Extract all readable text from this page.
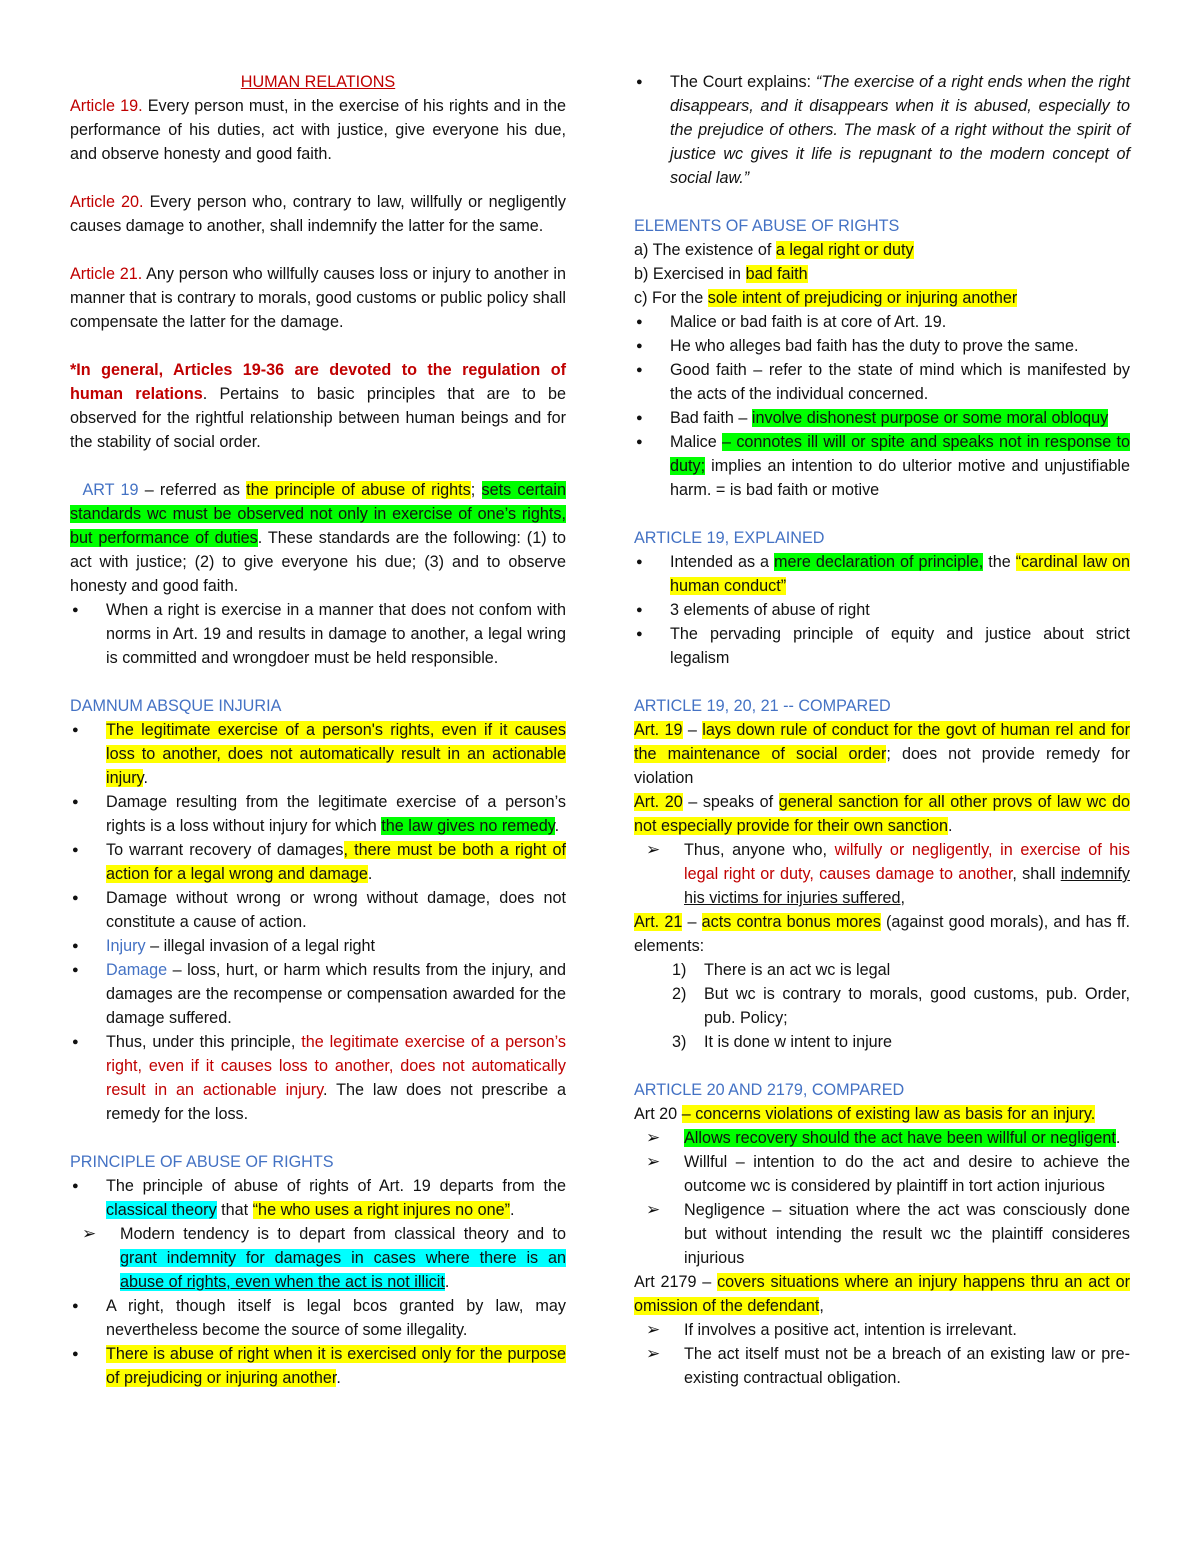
HUMAN RELATIONS

Article 19. Every person must, in the exercise of his rights and in the performance of his duties, act with justice, give everyone his due, and observe honesty and good faith.

Article 20. Every person who, contrary to law, willfully or negligently causes damage to another, shall indemnify the latter for the same.

Article 21. Any person who willfully causes loss or injury to another in manner that is contrary to morals, good customs or public policy shall compensate the latter for the damage.

*In general, Articles 19-36 are devoted to the regulation of human relations. Pertains to basic principles that are to be observed for the rightful relationship between human beings and for the stability of social order.

ART 19 – referred as the principle of abuse of rights; sets certain standards wc must be observed not only in exercise of one’s rights, but performance of duties. These standards are the following: (1) to act with justice; (2) to give everyone his due; (3) and to observe honesty and good faith.

● When a right is exercise in a manner that does not confom with norms in Art. 19 and results in damage to another, a legal wring is committed and wrongdoer must be held responsible.

DAMNUM ABSQUE INJURIA

● The legitimate exercise of a person's rights, even if it causes loss to another, does not automatically result in an actionable injury.
● Damage resulting from the legitimate exercise of a person’s rights is a loss without injury for which the law gives no remedy.
● To warrant recovery of damages, there must be both a right of action for a legal wrong and damage.
● Damage without wrong or wrong without damage, does not constitute a cause of action.
● Injury – illegal invasion of a legal right
● Damage – loss, hurt, or harm which results from the injury, and damages are the recompense or compensation awarded for the damage suffered.
● Thus, under this principle, the legitimate exercise of a person’s right, even if it causes loss to another, does not automatically result in an actionable injury. The law does not prescribe a remedy for the loss.

PRINCIPLE OF ABUSE OF RIGHTS

● The principle of abuse of rights of Art. 19 departs from the classical theory that “he who uses a right injures no one”.
➢ Modern tendency is to depart from classical theory and to grant indemnity for damages in cases where there is an abuse of rights, even when the act is not illicit.
● A right, though itself is legal bcos granted by law, may nevertheless become the source of some illegality.
● There is abuse of right when it is exercised only for the purpose of prejudicing or injuring another.
● The Court explains: “The exercise of a right ends when the right disappears, and it disappears when it is abused, especially to the prejudice of others. The mask of a right without the spirit of justice wc gives it life is repugnant to the modern concept of social law.”

ELEMENTS OF ABUSE OF RIGHTS

a) The existence of a legal right or duty

b) Exercised in bad faith

c) For the sole intent of prejudicing or injuring another

● Malice or bad faith is at core of Art. 19.
● He who alleges bad faith has the duty to prove the same.
● Good faith – refer to the state of mind which is manifested by the acts of the individual concerned.
● Bad faith – involve dishonest purpose or some moral obloquy
● Malice – connotes ill will or spite and speaks not in response to duty; implies an intention to do ulterior motive and unjustifiable harm. = is bad faith or motive

ARTICLE 19, EXPLAINED

● Intended as a mere declaration of principle, the “cardinal law on human conduct”
● 3 elements of abuse of right
● The pervading principle of equity and justice about strict legalism

ARTICLE 19, 20, 21 -- COMPARED

Art. 19 – lays down rule of conduct for the govt of human rel and for the maintenance of social order; does not provide remedy for violation

Art. 20 – speaks of general sanction for all other provs of law wc do not especially provide for their own sanction.

➢ Thus, anyone who, wilfully or negligently, in exercise of his legal right or duty, causes damage to another, shall indemnify his victims for injuries suffered,

Art. 21 – acts contra bonus mores (against good morals), and has ff. elements:

1) There is an act wc is legal
2) But wc is contrary to morals, good customs, pub. Order, pub. Policy;
3) It is done w intent to injure

ARTICLE 20 AND 2179, COMPARED

Art 20 – concerns violations of existing law as basis for an injury.

➢ Allows recovery should the act have been willful or negligent.
➢ Willful – intention to do the act and desire to achieve the outcome wc is considered by plaintiff in tort action injurious
➢ Negligence – situation where the act was consciously done but without intending the result wc the plaintiff consideres injurious

Art 2179 – covers situations where an injury happens thru an act or omission of the defendant,

➢ If involves a positive act, intention is irrelevant.
➢ The act itself must not be a breach of an existing law or pre-existing contractual obligation.
